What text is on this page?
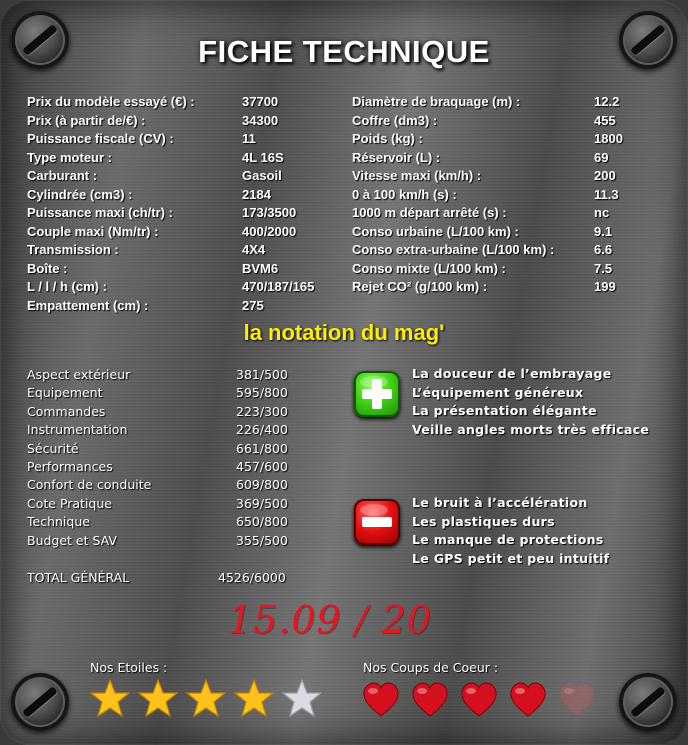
FICHE TECHNIQUE
Prix du modèle essayé (€) :	37700
Prix (à partir de/€) :	34300
Puissance fiscale (CV) :	11
Type moteur :	4L 16S
Carburant :	Gasoil
Cylindrée (cm3) :	2184
Puissance maxi (ch/tr) :	173/3500
Couple maxi (Nm/tr) :	400/2000
Transmission :	4X4
Boîte :	BVM6
L / l / h (cm) :	470/187/165
Empattement (cm) :	275
Diamètre de braquage (m) :	12.2
Coffre (dm3) :	455
Poids (kg) :	1800
Réservoir (L) :	69
Vitesse maxi (km/h) :	200
0 à 100 km/h (s) :	11.3
1000 m départ arrêté (s) :	nc
Conso urbaine (L/100 km) :	9.1
Conso extra-urbaine (L/100 km) :	6.6
Conso mixte (L/100 km) :	7.5
Rejet CO² (g/100 km) :	199
la notation du mag'
Aspect extérieur	381/500
Equipement	595/800
Commandes	223/300
Instrumentation	226/400
Sécurité	661/800
Performances	457/600
Confort de conduite	609/800
Cote Pratique	369/500
Technique	650/800
Budget et SAV	355/500
TOTAL GÉNÉRAL	4526/6000
La douceur de l’embrayage
L’équipement généreux
La présentation élégante
Veille angles morts très efficace
Le bruit à l’accélération
Les plastiques durs
Le manque de protections
Le GPS petit et peu intuitif
15.09 / 20
Nos Etoiles :	Nos Coups de Coeur :
